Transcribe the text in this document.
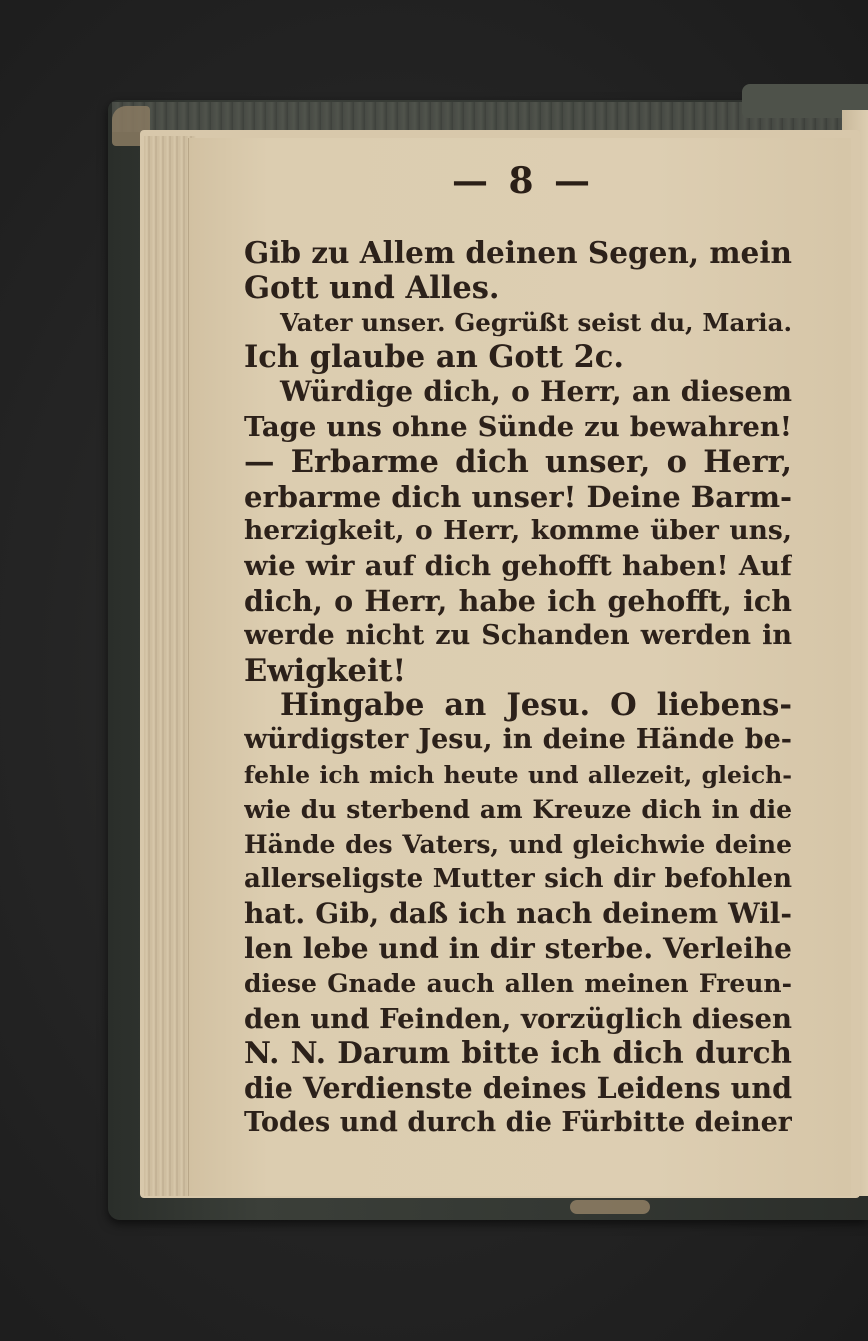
— 8 —

Gib zu Allem deinen Segen, mein
Gott und Alles.
Vater unser. Gegrüßt seist du, Maria.
Ich glaube an Gott 2c.
Würdige dich, o Herr, an diesem
Tage uns ohne Sünde zu bewahren!
— Erbarme dich unser, o Herr,
erbarme dich unser! Deine Barm-
herzigkeit, o Herr, komme über uns,
wie wir auf dich gehofft haben! Auf
dich, o Herr, habe ich gehofft, ich
werde nicht zu Schanden werden in
Ewigkeit!
Hingabe an Jesu. O liebens-
würdigster Jesu, in deine Hände be-
fehle ich mich heute und allezeit, gleich-
wie du sterbend am Kreuze dich in die
Hände des Vaters, und gleichwie deine
allerseligste Mutter sich dir befohlen
hat. Gib, daß ich nach deinem Wil-
len lebe und in dir sterbe. Verleihe
diese Gnade auch allen meinen Freun-
den und Feinden, vorzüglich diesen
N. N. Darum bitte ich dich durch
die Verdienste deines Leidens und
Todes und durch die Fürbitte deiner
